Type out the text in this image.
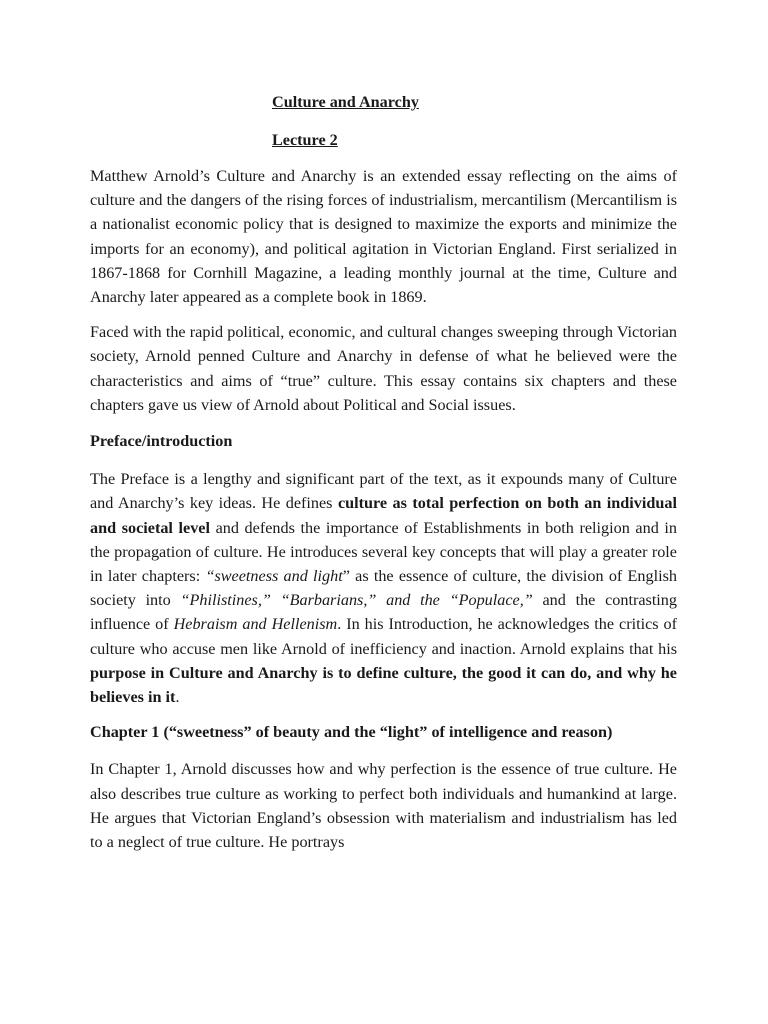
Culture and Anarchy
Lecture 2

Matthew Arnold’s Culture and Anarchy is an extended essay reflecting on the aims of culture and the dangers of the rising forces of industrialism, mercantilism (Mercantilism is a nationalist economic policy that is designed to maximize the exports and minimize the imports for an economy), and political agitation in Victorian England. First serialized in 1867-1868 for Cornhill Magazine, a leading monthly journal at the time, Culture and Anarchy later appeared as a complete book in 1869.

Faced with the rapid political, economic, and cultural changes sweeping through Victorian society, Arnold penned Culture and Anarchy in defense of what he believed were the characteristics and aims of “true” culture. This essay contains six chapters and these chapters gave us view of Arnold about Political and Social issues.

Preface/introduction

The Preface is a lengthy and significant part of the text, as it expounds many of Culture and Anarchy’s key ideas. He defines culture as total perfection on both an individual and societal level and defends the importance of Establishments in both religion and in the propagation of culture. He introduces several key concepts that will play a greater role in later chapters: “sweetness and light” as the essence of culture, the division of English society into “Philistines,” “Barbarians,” and the “Populace,” and the contrasting influence of Hebraism and Hellenism. In his Introduction, he acknowledges the critics of culture who accuse men like Arnold of inefficiency and inaction. Arnold explains that his purpose in Culture and Anarchy is to define culture, the good it can do, and why he believes in it.

Chapter 1 (“sweetness” of beauty and the “light” of intelligence and reason)

In Chapter 1, Arnold discusses how and why perfection is the essence of true culture. He also describes true culture as working to perfect both individuals and humankind at large. He argues that Victorian England’s obsession with materialism and industrialism has led to a neglect of true culture. He portrays
